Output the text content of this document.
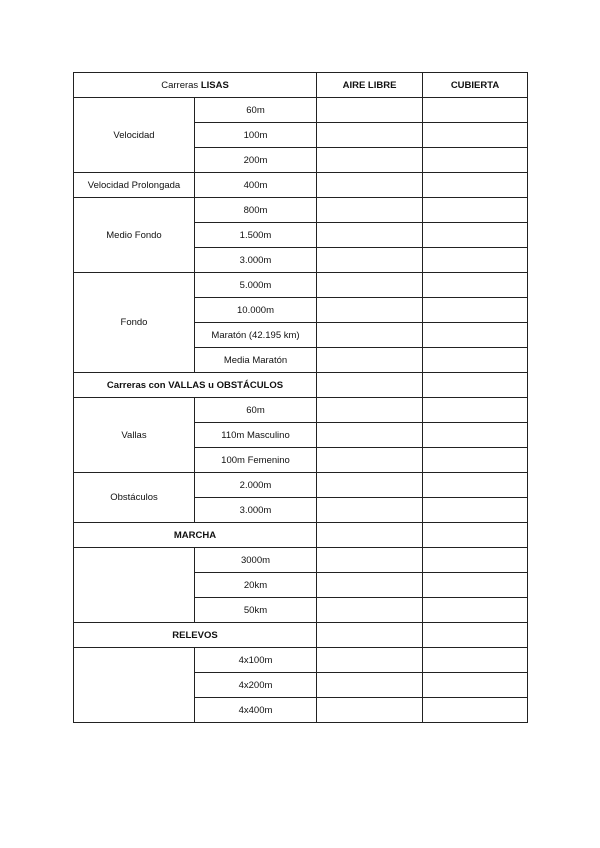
Carreras LISAS		AIRE LIBRE	CUBIERTA
Velocidad	60m		
	100m		
	200m		
Velocidad Prolongada	400m		
Medio Fondo	800m		
	1.500m		
	3.000m		
Fondo	5.000m		
	10.000m		
	Maratón (42.195 km)		
	Media Maratón		
Carreras con VALLAS u OBSTÁCULOS			
Vallas	60m		
	110m Masculino		
	100m Femenino		
Obstáculos	2.000m		
	3.000m		
MARCHA			
	3000m		
	20km		
	50km		
RELEVOS			
	4x100m		
	4x200m		
	4x400m		
